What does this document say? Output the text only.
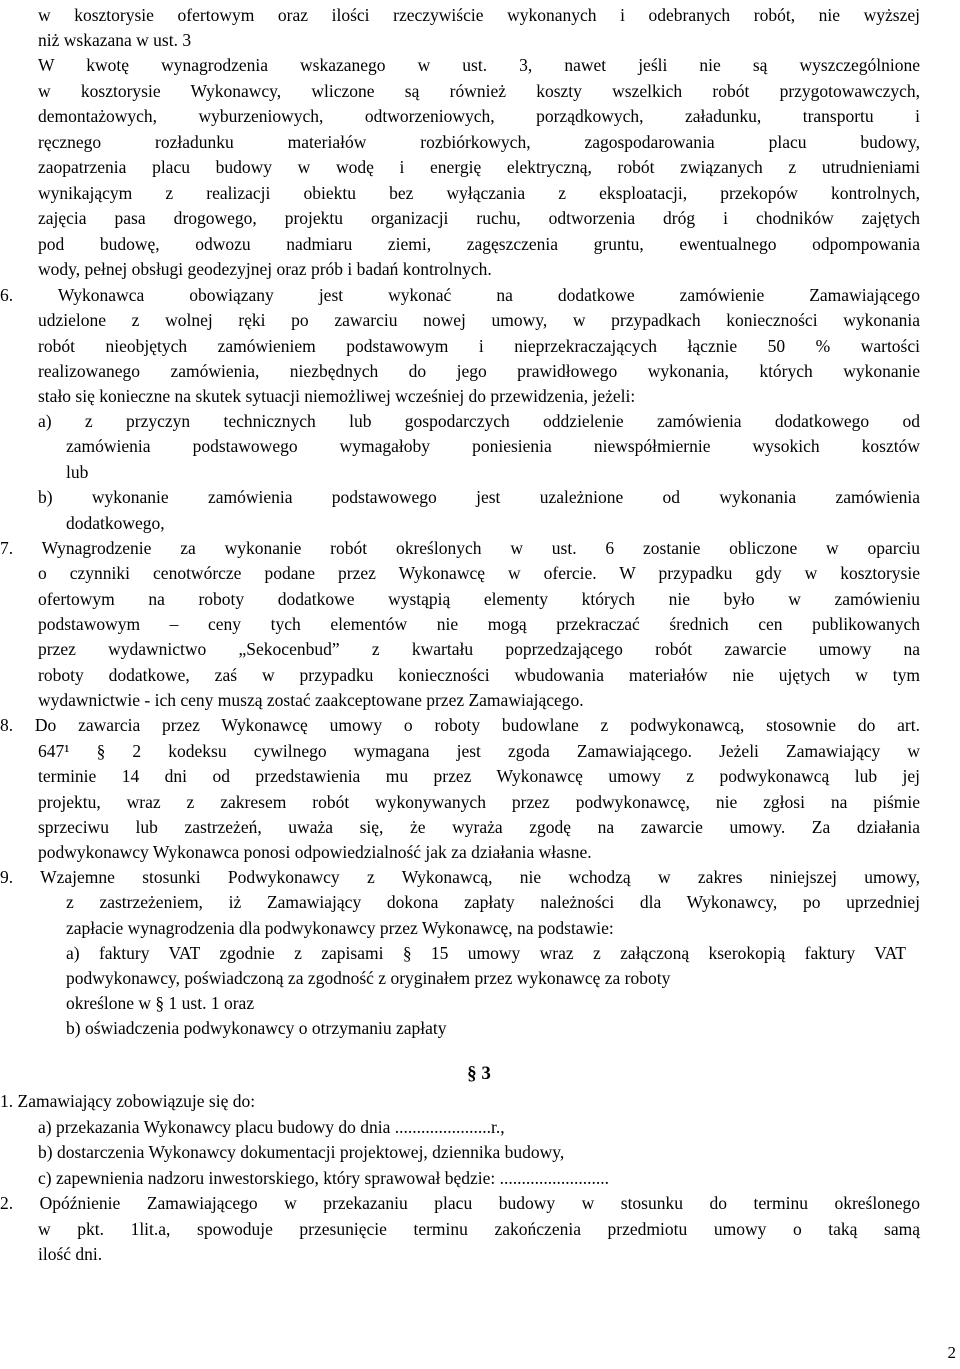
w kosztorysie ofertowym oraz ilości rzeczywiście wykonanych i odebranych robót, nie wyższej
niż wskazana w ust. 3
W kwotę wynagrodzenia wskazanego w ust. 3, nawet jeśli nie są wyszczególnione
w kosztorysie Wykonawcy, wliczone są również koszty wszelkich robót przygotowawczych,
demontażowych, wyburzeniowych, odtworzeniowych, porządkowych, załadunku, transportu i
ręcznego rozładunku materiałów rozbiórkowych, zagospodarowania placu budowy,
zaopatrzenia placu budowy w wodę i energię elektryczną, robót związanych z utrudnieniami
wynikającym z realizacji obiektu bez wyłączania z eksploatacji, przekopów kontrolnych,
zajęcia pasa drogowego, projektu organizacji ruchu, odtworzenia dróg i chodników zajętych
pod budowę, odwozu nadmiaru ziemi, zagęszczenia gruntu, ewentualnego odpompowania
wody, pełnej obsługi geodezyjnej oraz prób i badań kontrolnych.
6. Wykonawca obowiązany jest wykonać na dodatkowe zamówienie Zamawiającego
udzielone z wolnej ręki po zawarciu nowej umowy, w przypadkach konieczności wykonania
robót nieobjętych zamówieniem podstawowym i nieprzekraczających łącznie 50 % wartości
realizowanego zamówienia, niezbędnych do jego prawidłowego wykonania, których wykonanie
stało się konieczne na skutek sytuacji niemożliwej wcześniej do przewidzenia, jeżeli:
a) z przyczyn technicznych lub gospodarczych oddzielenie zamówienia dodatkowego od
zamówienia podstawowego wymagałoby poniesienia niewspółmiernie wysokich kosztów
lub
b) wykonanie zamówienia podstawowego jest uzależnione od wykonania zamówienia
dodatkowego,
7. Wynagrodzenie za wykonanie robót określonych w ust. 6 zostanie obliczone w oparciu
o czynniki cenotwórcze podane przez Wykonawcę w ofercie. W przypadku gdy w kosztorysie
ofertowym na roboty dodatkowe wystąpią elementy których nie było w zamówieniu
podstawowym – ceny tych elementów nie mogą przekraczać średnich cen publikowanych
przez wydawnictwo „Sekocenbud” z kwartału poprzedzającego robót zawarcie umowy na
roboty dodatkowe, zaś w przypadku konieczności wbudowania materiałów nie ujętych w tym
wydawnictwie - ich ceny muszą zostać zaakceptowane przez Zamawiającego.
8. Do zawarcia przez Wykonawcę umowy o roboty budowlane z podwykonawcą, stosownie do art.
647¹ § 2 kodeksu cywilnego wymagana jest zgoda Zamawiającego. Jeżeli Zamawiający w
terminie 14 dni od przedstawienia mu przez Wykonawcę umowy z podwykonawcą lub jej
projektu, wraz z zakresem robót wykonywanych przez podwykonawcę, nie zgłosi na piśmie
sprzeciwu lub zastrzeżeń, uważa się, że wyraża zgodę na zawarcie umowy. Za działania
podwykonawcy Wykonawca ponosi odpowiedzialność jak za działania własne.
9. Wzajemne stosunki Podwykonawcy z Wykonawcą, nie wchodzą w zakres niniejszej umowy,
z zastrzeżeniem, iż Zamawiający dokona zapłaty należności dla Wykonawcy, po uprzedniej
zapłacie wynagrodzenia dla podwykonawcy przez Wykonawcę, na podstawie:
a) faktury VAT zgodnie z zapisami § 15 umowy wraz z załączoną kserokopią faktury VAT
podwykonawcy, poświadczoną za zgodność z oryginałem przez wykonawcę za roboty
określone w § 1 ust. 1 oraz
b) oświadczenia podwykonawcy o otrzymaniu zapłaty
1. Zamawiający zobowiązuje się do:
a) przekazania Wykonawcy placu budowy do dnia ......................r.,
b) dostarczenia Wykonawcy dokumentacji projektowej, dziennika budowy,
c) zapewnienia nadzoru inwestorskiego, który sprawował będzie: .........................
2. Opóźnienie Zamawiającego w przekazaniu placu budowy w stosunku do terminu określonego
w pkt. 1lit.a, spowoduje przesunięcie terminu zakończenia przedmiotu umowy o taką samą
ilość dni.
§ 3
2
